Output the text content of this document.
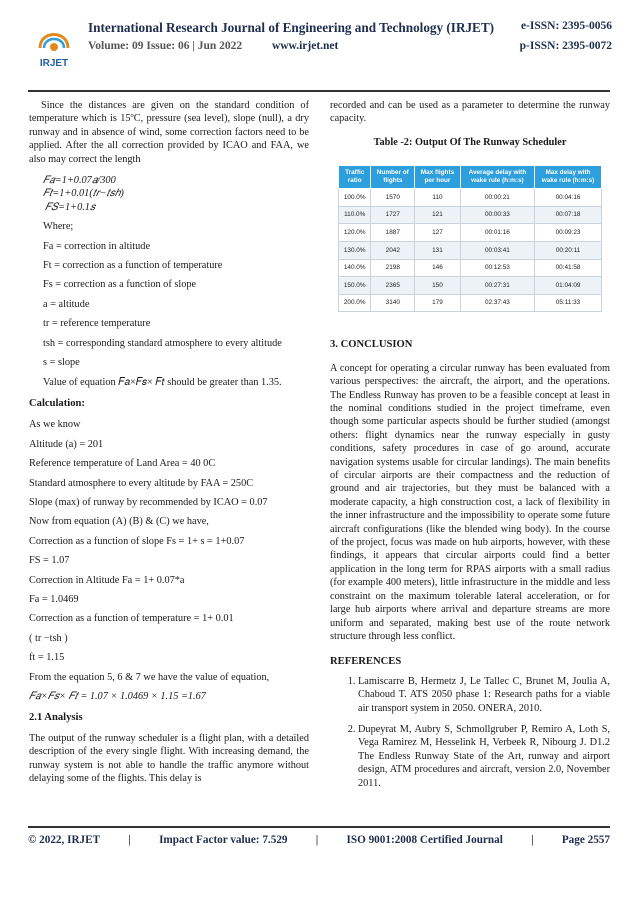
IRJET
International Research Journal of Engineering and Technology (IRJET)
Volume: 09 Issue: 06 | Jun 2022	www.irjet.net
e-ISSN: 2395-0056
p-ISSN: 2395-0072

Since the distances are given on the standard condition of temperature which is 15ºC, pressure (sea level), slope (null), a dry runway and in absence of wind, some correction factors need to be applied. After the all correction provided by ICAO and FAA, we also may correct the length

𝐹𝑎=1+0.07𝑎/300

𝐹𝑡=1+0.01(𝑡𝑟−𝑡𝑠ℎ)

𝐹𝑆=1+0.1𝑠

Where;

Fa = correction in altitude

Ft = correction as a function of temperature

Fs = correction as a function of slope

a = altitude

tr = reference temperature

tsh = corresponding standard atmosphere to every altitude

s = slope

Value of equation 𝐹𝑎×𝐹𝑠× 𝐹𝑡 should be greater than 1.35.

Calculation:

As we know

Altitude (a) = 201

Reference temperature of Land Area = 40 0C

Standard atmosphere to every altitude by FAA = 250C

Slope (max) of runway by recommended by ICAO = 0.07

Now from equation (A) (B) & (C) we have,

Correction as a function of slope Fs = 1+ s = 1+0.07

FS = 1.07

Correction in Altitude Fa = 1+ 0.07*a

Fa = 1.0469

Correction as a function of temperature = 1+ 0.01

( tr −tsh )

ft = 1.15

From the equation 5, 6 & 7 we have the value of equation,

𝐹𝑎×𝐹𝑠× 𝐹𝑡 = 1.07 × 1.0469 × 1.15 =1.67

2.1 Analysis

The output of the runway scheduler is a flight plan, with a detailed description of the every single flight. With increasing demand, the runway system is not able to handle the traffic anymore without delaying some of the flights. This delay is

recorded and can be used as a parameter to determine the runway capacity.

Table -2: Output Of The Runway Scheduler

Traffic ratio	Number of flights	Max flights per hour	Average delay with wake rule (h:m:s)	Max delay with wake rule (h:m:s)
100.0%	1570	110	00:00:21	00:04:16
110.0%	1727	121	00:00:33	00:07:18
120.0%	1887	127	00:01:16	00:09:23
130.0%	2042	131	00:03:41	00:20:11
140.0%	2198	146	00:12:53	00:41:58
150.0%	2365	150	00:27:31	01:04:09
200.0%	3140	179	02:37:43	05:11:33

3. CONCLUSION

A concept for operating a circular runway has been evaluated from various perspectives: the aircraft, the airport, and the operations. The Endless Runway has proven to be a feasible concept at least in the nominal conditions studied in the project timeframe, even though some particular aspects should be further studied (amongst others: flight dynamics near the runway especially in gusty conditions, safety procedures in case of go around, accurate navigation systems usable for circular landings). The main benefits of circular airports are their compactness and the reduction of ground and air trajectories, but they must be balanced with a moderate capacity, a high construction cost, a lack of flexibility in the inner infrastructure and the impossibility to operate some future aircraft configurations (like the blended wing body). In the course of the project, focus was made on hub airports, however, with these findings, it appears that circular airports could find a better application in the long term for RPAS airports with a small radius (for example 400 meters), little infrastructure in the middle and less constraint on the maximum tolerable lateral acceleration, or for large hub airports where arrival and departure streams are more uniform and separated, making best use of the route network structure through less conflict.

REFERENCES

1. Lamiscarre B, Hermetz J, Le Tallec C, Brunet M, Joulia A, Chaboud T. ATS 2050 phase 1: Research paths for a viable air transport system in 2050. ONERA, 2010.
2. Dupeyrat M, Aubry S, Schmollgruber P, Remiro A, Loth S, Vega Ramirez M, Hesselink H, Verbeek R, Nibourg J. D1.2 The Endless Runway State of the Art, runway and airport design, ATM procedures and aircraft, version 2.0, November 2011.
© 2022, IRJET	|	Impact Factor value: 7.529	|	ISO 9001:2008 Certified Journal	|	Page 2557
